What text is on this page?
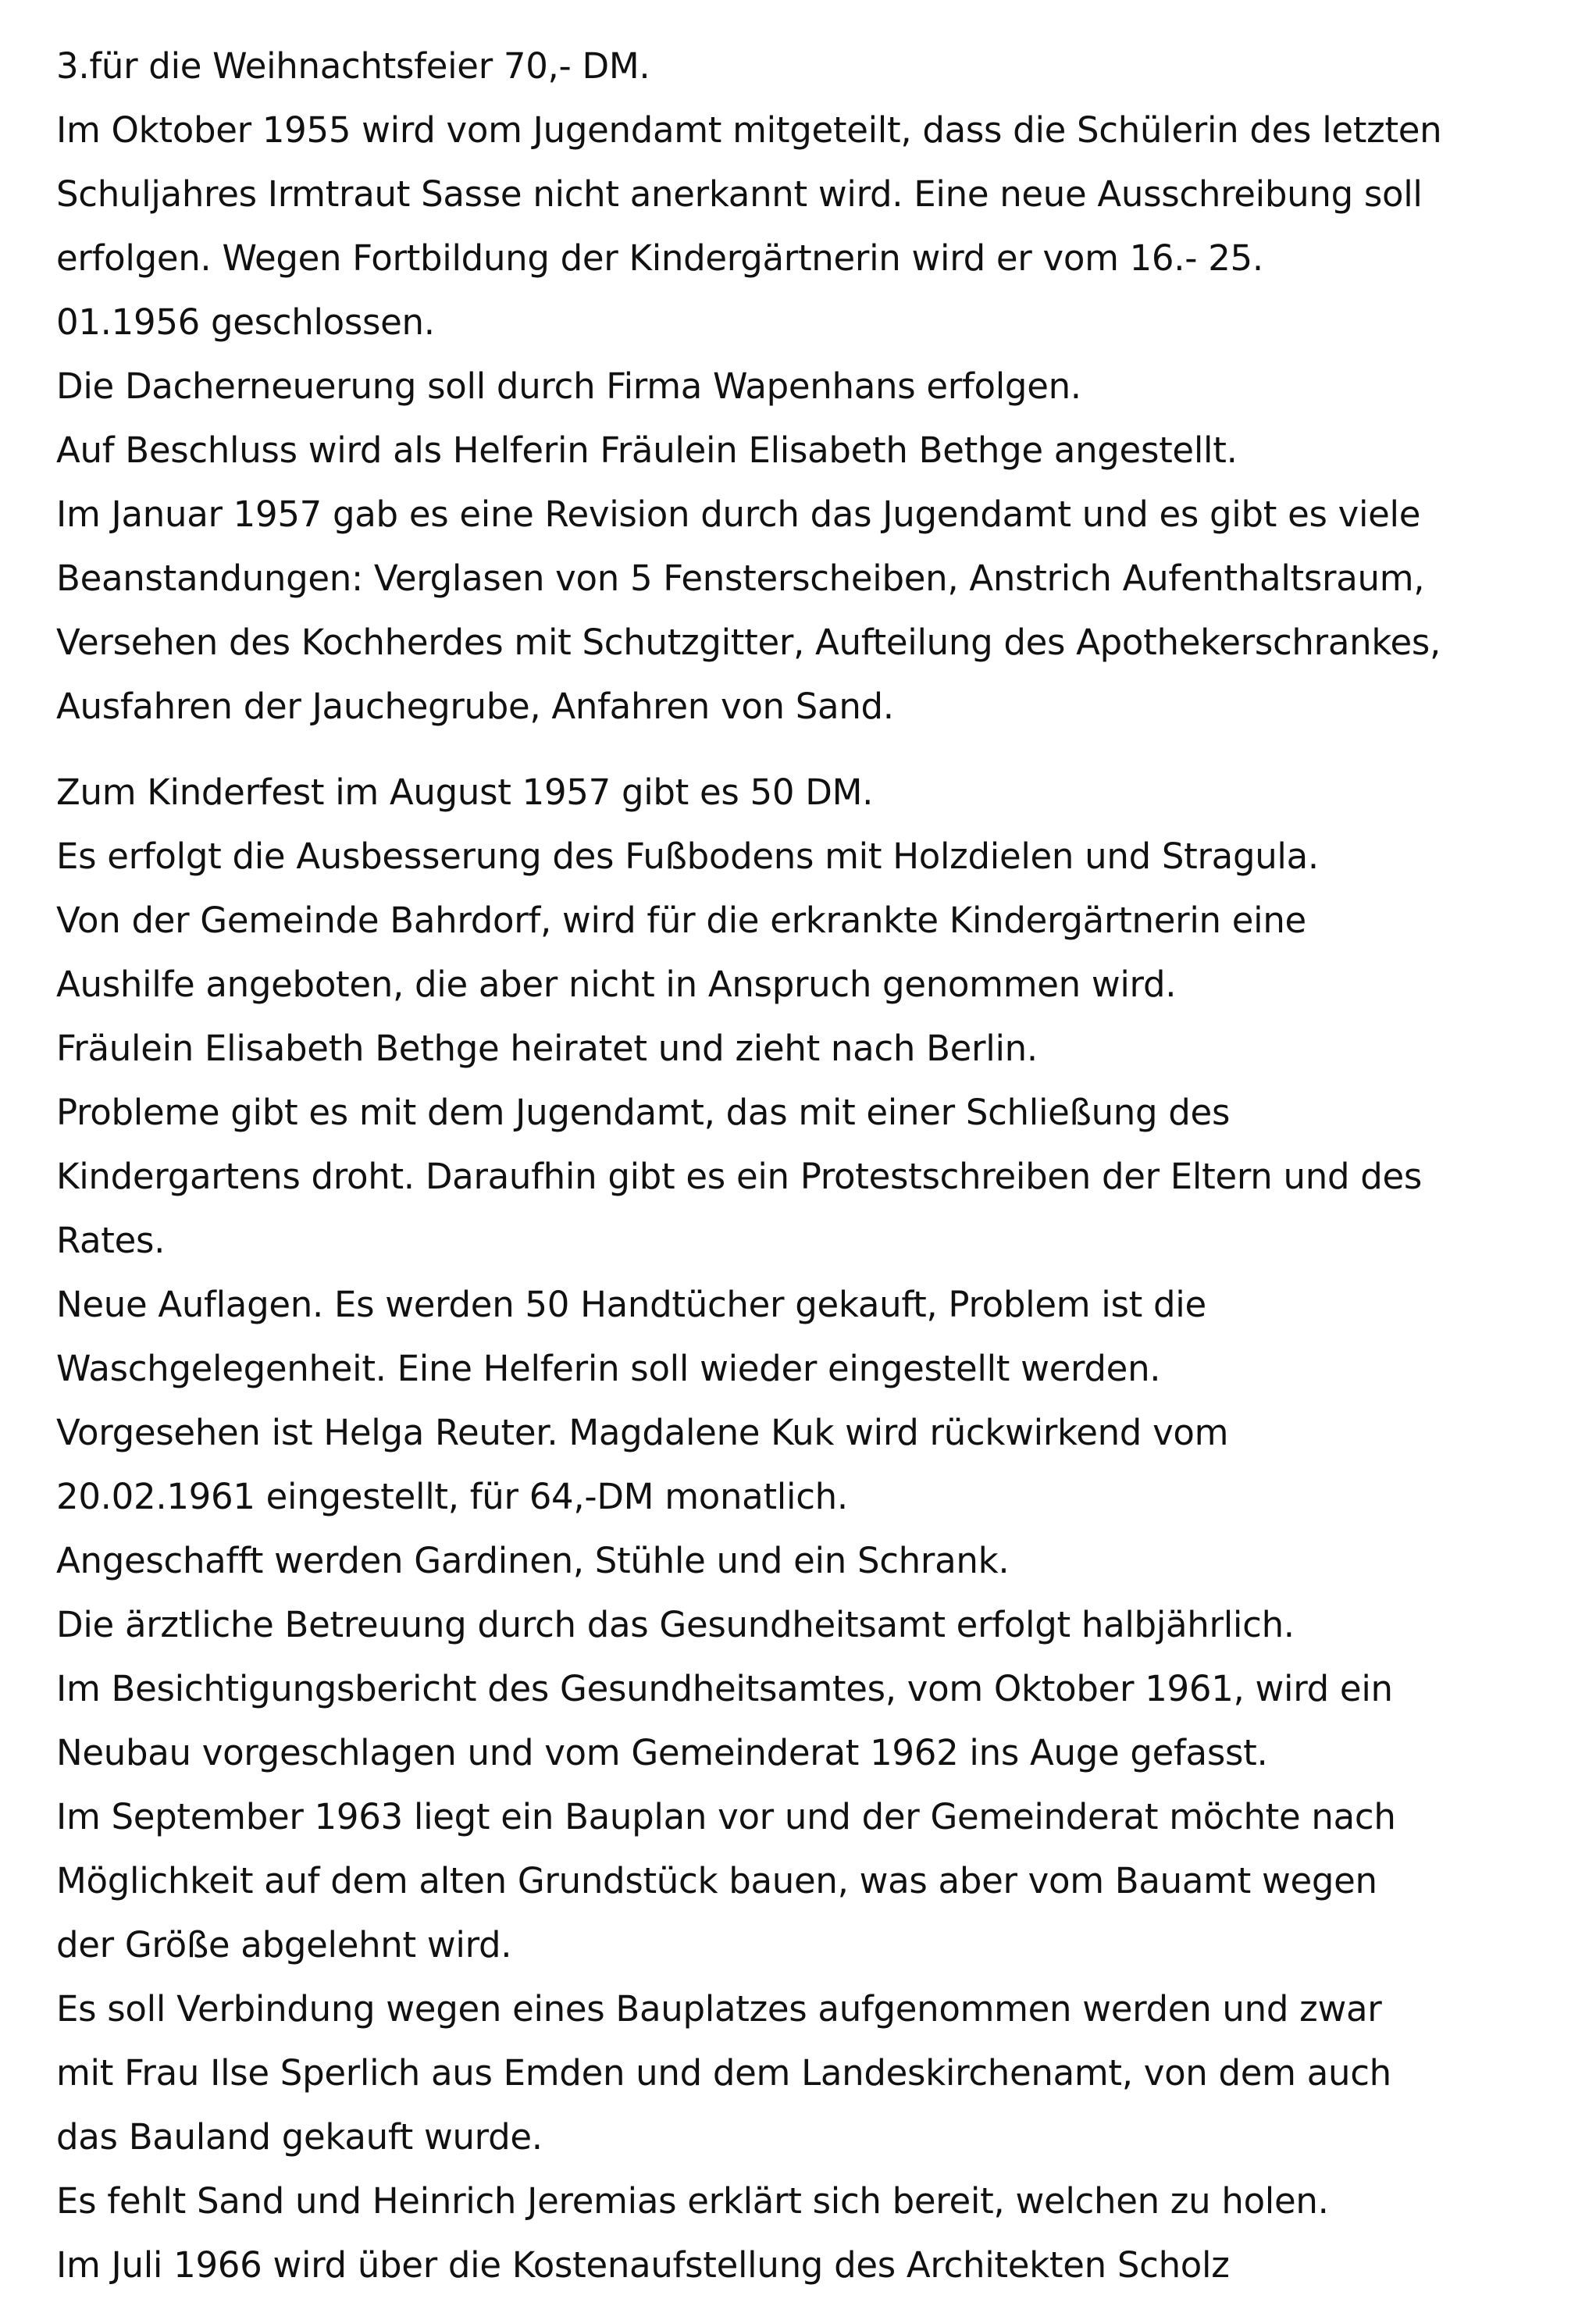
3.für die Weihnachtsfeier 70,- DM.
Im Oktober 1955 wird vom Jugendamt mitgeteilt, dass die Schülerin des letzten
Schuljahres Irmtraut Sasse nicht anerkannt wird. Eine neue Ausschreibung soll
erfolgen. Wegen Fortbildung der Kindergärtnerin wird er vom 16.- 25.
01.1956 geschlossen.
Die Dacherneuerung soll durch Firma Wapenhans erfolgen.
Auf Beschluss wird als Helferin Fräulein Elisabeth Bethge angestellt.
Im Januar 1957 gab es eine Revision durch das Jugendamt und es gibt es viele
Beanstandungen: Verglasen von 5 Fensterscheiben, Anstrich Aufenthaltsraum,
Versehen des Kochherdes mit Schutzgitter, Aufteilung des Apothekerschrankes,
Ausfahren der Jauchegrube, Anfahren von Sand.
Zum Kinderfest im August 1957 gibt es 50 DM.
Es erfolgt die Ausbesserung des Fußbodens mit Holzdielen und Stragula.
Von der Gemeinde Bahrdorf, wird für die erkrankte Kindergärtnerin eine
Aushilfe angeboten, die aber nicht in Anspruch genommen wird.
Fräulein Elisabeth Bethge heiratet und zieht nach Berlin.
Probleme gibt es mit dem Jugendamt, das mit einer Schließung des
Kindergartens droht. Daraufhin gibt es ein Protestschreiben der Eltern und des
Rates.
Neue Auflagen. Es werden 50 Handtücher gekauft, Problem ist die
Waschgelegenheit. Eine Helferin soll wieder eingestellt werden.
Vorgesehen ist Helga Reuter. Magdalene Kuk wird rückwirkend vom
20.02.1961 eingestellt, für 64,-DM monatlich.
Angeschafft werden Gardinen, Stühle und ein Schrank.
Die ärztliche Betreuung durch das Gesundheitsamt erfolgt halbjährlich.
Im Besichtigungsbericht des Gesundheitsamtes, vom Oktober 1961, wird ein
Neubau vorgeschlagen und vom Gemeinderat 1962 ins Auge gefasst.
Im September 1963 liegt ein Bauplan vor und der Gemeinderat möchte nach
Möglichkeit auf dem alten Grundstück bauen, was aber vom Bauamt wegen
der Größe abgelehnt wird.
Es soll Verbindung wegen eines Bauplatzes aufgenommen werden und zwar
mit Frau Ilse Sperlich aus Emden und dem Landeskirchenamt, von dem auch
das Bauland gekauft wurde.
Es fehlt Sand und Heinrich Jeremias erklärt sich bereit, welchen zu holen.
Im Juli 1966 wird über die Kostenaufstellung des Architekten Scholz
